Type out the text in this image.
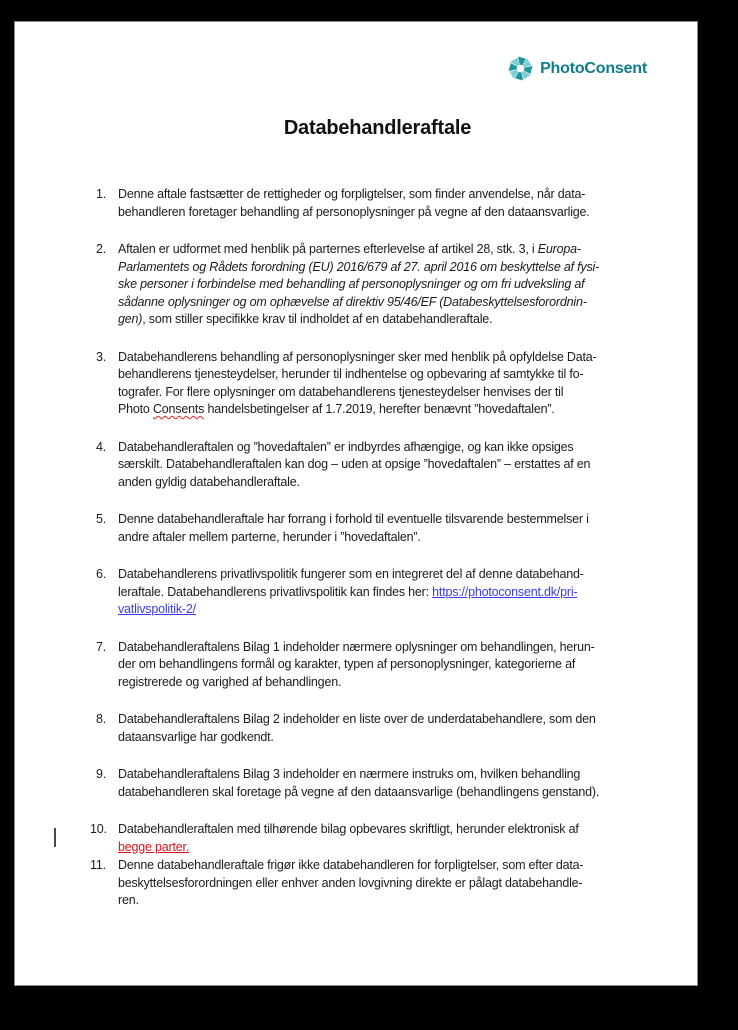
PhotoConsent
Databehandleraftale
1. Denne aftale fastsætter de rettigheder og forpligtelser, som finder anvendelse, når data-
behandleren foretager behandling af personoplysninger på vegne af den dataansvarlige.
2. Aftalen er udformet med henblik på parternes efterlevelse af artikel 28, stk. 3, i Europa-
Parlamentets og Rådets forordning (EU) 2016/679 af 27. april 2016 om beskyttelse af fysi-
ske personer i forbindelse med behandling af personoplysninger og om fri udveksling af
sådanne oplysninger og om ophævelse af direktiv 95/46/EF (Databeskyttelsesforordnin-
gen), som stiller specifikke krav til indholdet af en databehandleraftale.
3. Databehandlerens behandling af personoplysninger sker med henblik på opfyldelse Data-
behandlerens tjenesteydelser, herunder til indhentelse og opbevaring af samtykke til fo-
tografer. For flere oplysninger om databehandlerens tjenesteydelser henvises der til
Photo Consents handelsbetingelser af 1.7.2019, herefter benævnt ”hovedaftalen”.
4. Databehandleraftalen og ”hovedaftalen” er indbyrdes afhængige, og kan ikke opsiges
særskilt. Databehandleraftalen kan dog – uden at opsige ”hovedaftalen” – erstattes af en
anden gyldig databehandleraftale.
5. Denne databehandleraftale har forrang i forhold til eventuelle tilsvarende bestemmelser i
andre aftaler mellem parterne, herunder i ”hovedaftalen”.
6. Databehandlerens privatlivspolitik fungerer som en integreret del af denne databehand-
leraftale. Databehandlerens privatlivspolitik kan findes her: https://photoconsent.dk/pri-
vatlivspolitik-2/
7. Databehandleraftalens Bilag 1 indeholder nærmere oplysninger om behandlingen, herun-
der om behandlingens formål og karakter, typen af personoplysninger, kategorierne af
registrerede og varighed af behandlingen.
8. Databehandleraftalens Bilag 2 indeholder en liste over de underdatabehandlere, som den
dataansvarlige har godkendt.
9. Databehandleraftalens Bilag 3 indeholder en nærmere instruks om, hvilken behandling
databehandleren skal foretage på vegne af den dataansvarlige (behandlingens genstand).
10. Databehandleraftalen med tilhørende bilag opbevares skriftligt, herunder elektronisk af
begge parter.
11. Denne databehandleraftale frigør ikke databehandleren for forpligtelser, som efter data-
beskyttelsesforordningen eller enhver anden lovgivning direkte er pålagt databehandle-
ren.
